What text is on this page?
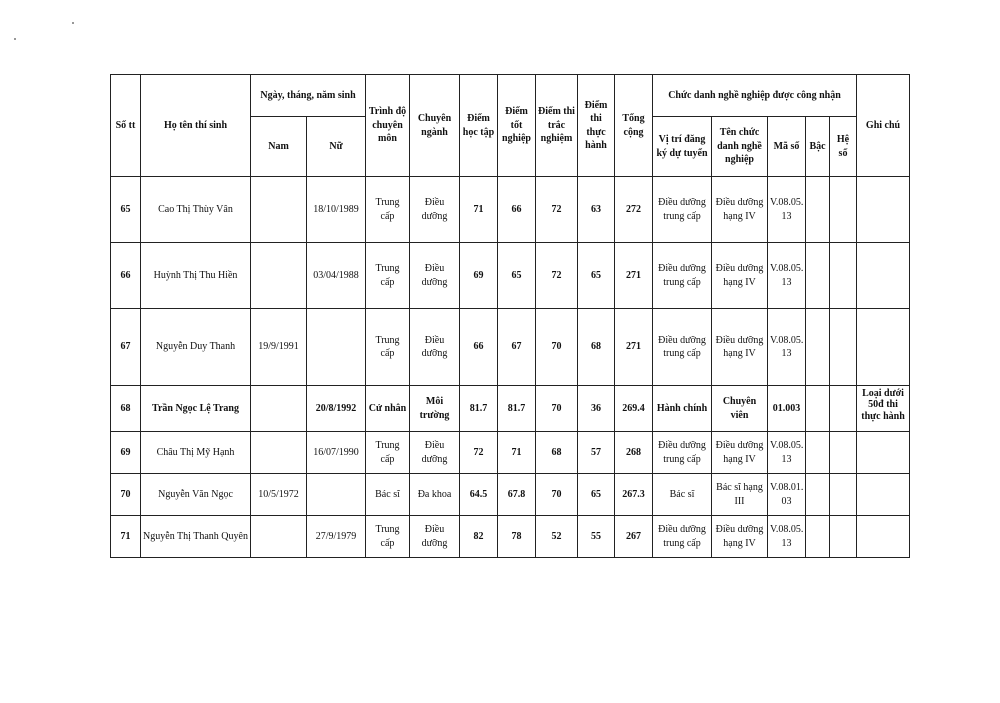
Số tt	Họ tên thí sinh	Ngày, tháng, năm sinh		Trình độ chuyên môn	Chuyên ngành	Điểm học tập	Điểm tốt nghiệp	Điểm thi trắc nghiệm	Điểm thi thực hành	Tổng cộng	Chức danh nghề nghiệp được công nhận					Ghi chú
		Nam	Nữ								Vị trí đăng ký dự tuyển	Tên chức danh nghề nghiệp	Mã số	Bậc	Hệ số	
65	Cao Thị Thùy Vân		18/10/1989	Trung cấp	Điều dưỡng	71	66	72	63	272	Điều dưỡng trung cấp	Điều dưỡng hạng IV	V.08.05. 13			
66	Huỳnh Thị Thu Hiền		03/04/1988	Trung cấp	Điều dưỡng	69	65	72	65	271	Điều dưỡng trung cấp	Điều dưỡng hạng IV	V.08.05. 13			
67	Nguyễn Duy Thanh	19/9/1991		Trung cấp	Điều dưỡng	66	67	70	68	271	Điều dưỡng trung cấp	Điều dưỡng hạng IV	V.08.05. 13			
68	Trần Ngọc Lệ Trang		20/8/1992	Cử nhân	Môi trường	81.7	81.7	70	36	269.4	Hành chính	Chuyên viên	01.003			Loại dưới 50đ thi thực hành

69	Châu Thị Mỹ Hạnh		16/07/1990	Trung cấp	Điều dưỡng	72	71	68	57	268	Điều dưỡng trung cấp	Điều dưỡng hạng IV	V.08.05. 13			
70	Nguyễn Văn Ngọc	10/5/1972		Bác sĩ	Đa khoa	64.5	67.8	70	65	267.3	Bác sĩ	Bác sĩ hạng III	V.08.01. 03			
71	Nguyễn Thị Thanh Quyên		27/9/1979	Trung cấp	Điều dưỡng	82	78	52	55	267	Điều dưỡng trung cấp	Điều dưỡng hạng IV	V.08.05. 13			
